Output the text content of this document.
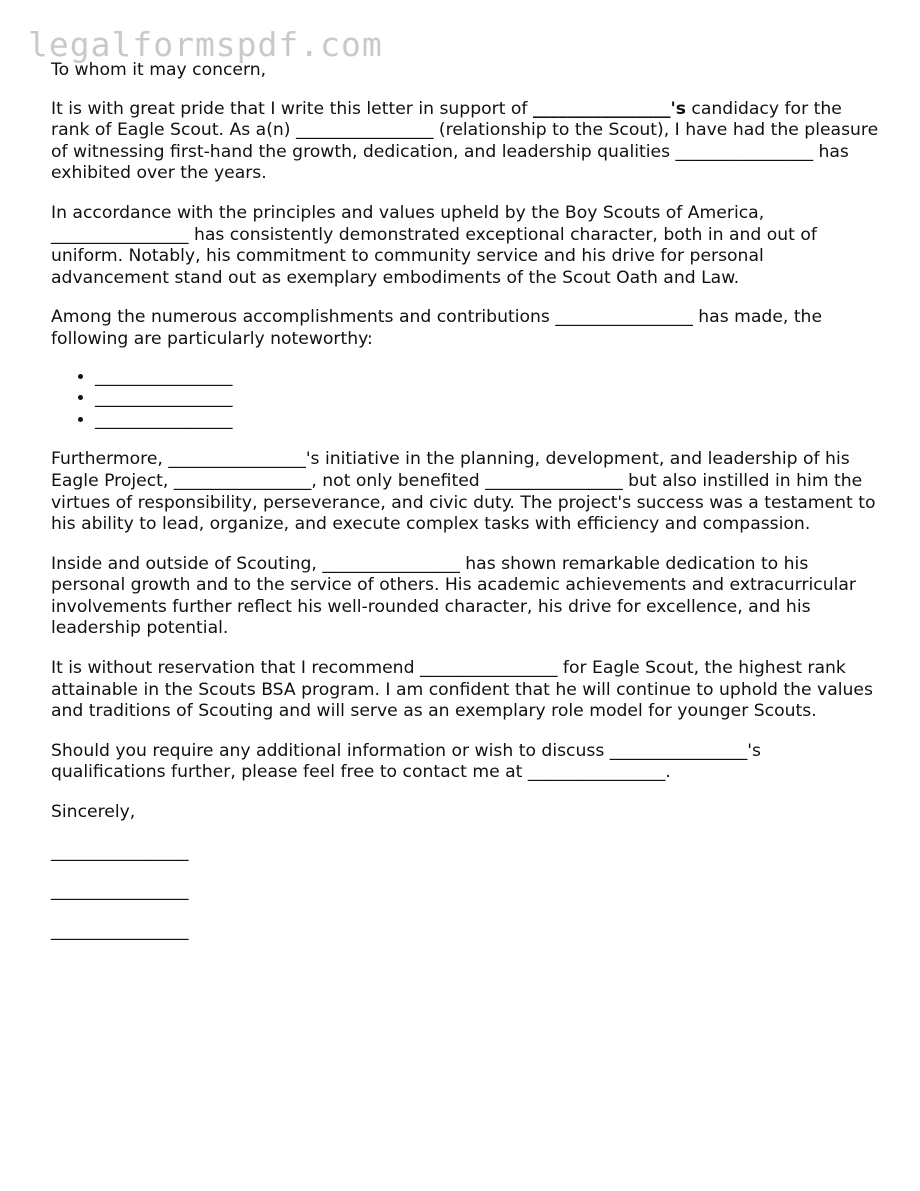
legalformspdf.com

To whom it may concern,

It is with great pride that I write this letter in support of ________________'s candidacy for the rank of Eagle Scout. As a(n) ________________ (relationship to the Scout), I have had the pleasure of witnessing first-hand the growth, dedication, and leadership qualities ________________ has exhibited over the years.

In accordance with the principles and values upheld by the Boy Scouts of America, ________________ has consistently demonstrated exceptional character, both in and out of uniform. Notably, his commitment to community service and his drive for personal advancement stand out as exemplary embodiments of the Scout Oath and Law.

Among the numerous accomplishments and contributions ________________ has made, the following are particularly noteworthy:

• ________________
• ________________
• ________________

Furthermore, ________________'s initiative in the planning, development, and leadership of his Eagle Project, ________________, not only benefited ________________ but also instilled in him the virtues of responsibility, perseverance, and civic duty. The project's success was a testament to his ability to lead, organize, and execute complex tasks with efficiency and compassion.

Inside and outside of Scouting, ________________ has shown remarkable dedication to his personal growth and to the service of others. His academic achievements and extracurricular involvements further reflect his well-rounded character, his drive for excellence, and his leadership potential.

It is without reservation that I recommend ________________ for Eagle Scout, the highest rank attainable in the Scouts BSA program. I am confident that he will continue to uphold the values and traditions of Scouting and will serve as an exemplary role model for younger Scouts.

Should you require any additional information or wish to discuss ________________'s qualifications further, please feel free to contact me at ________________.

Sincerely,

________________
________________
________________
